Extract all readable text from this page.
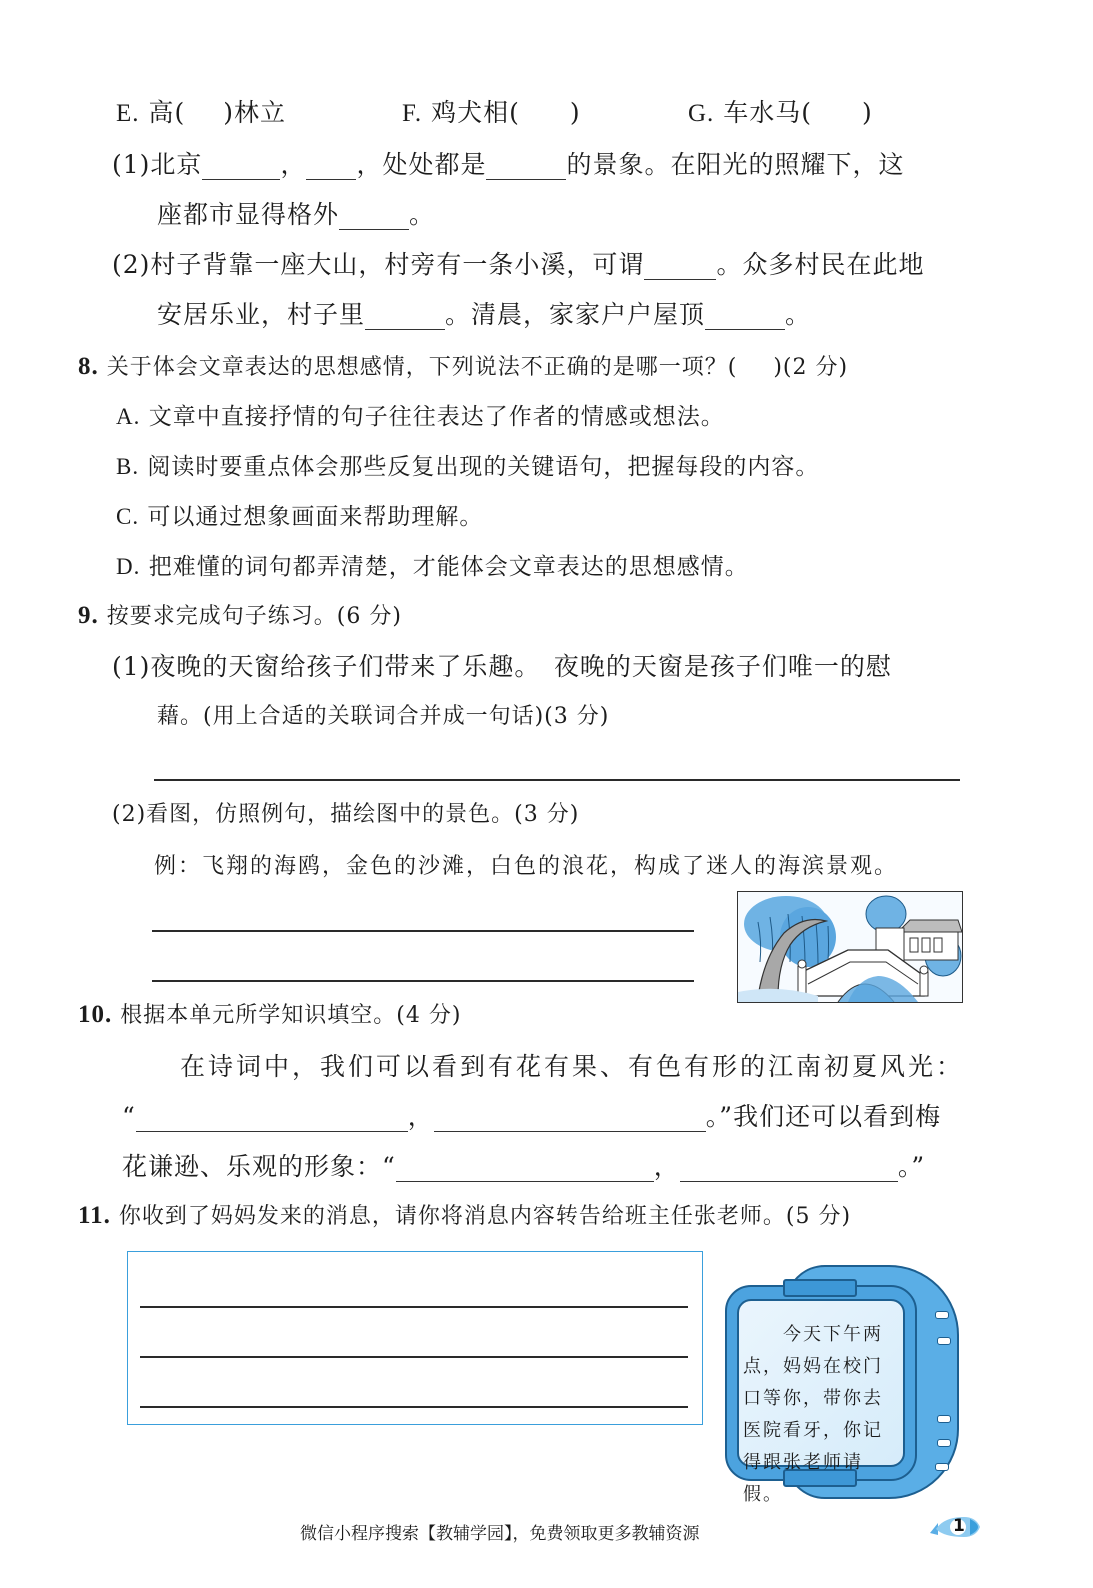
E. 高( )林立	F. 鸡犬相( )	G. 车水马( )
(1)北京	， ，处处都是	的景象。在阳光的照耀下，这
座都市显得格外	。
(2)村子背靠一座大山，村旁有一条小溪，可谓	。众多村民在此地
安居乐业，村子里	。清晨，家家户户屋顶	。
8. 关于体会文章表达的思想感情，下列说法不正确的是哪一项？( )(2 分)
A. 文章中直接抒情的句子往往表达了作者的情感或想法。
B. 阅读时要重点体会那些反复出现的关键语句，把握每段的内容。
C. 可以通过想象画面来帮助理解。
D. 把难懂的词句都弄清楚，才能体会文章表达的思想感情。
9. 按要求完成句子练习。(6 分)
(1)夜晚的天窗给孩子们带来了乐趣。　夜晚的天窗是孩子们唯一的慰
藉。(用上合适的关联词合并成一句话)(3 分)
(2)看图，仿照例句，描绘图中的景色。(3 分)
例：飞翔的海鸥，金色的沙滩，白色的浪花，构成了迷人的海滨景观。
10. 根据本单元所学知识填空。(4 分)
在诗词中，我们可以看到有花有果、有色有形的江南初夏风光：
“	，	。”我们还可以看到梅
花谦逊、乐观的形象：“	，	。”
11. 你收到了妈妈发来的消息，请你将消息内容转告给班主任张老师。(5 分)
　　今天下午两点，妈妈在校门口等你，带你去医院看牙，你记得跟张老师请假。
微信小程序搜索【教辅学园】，免费领取更多教辅资源	1
